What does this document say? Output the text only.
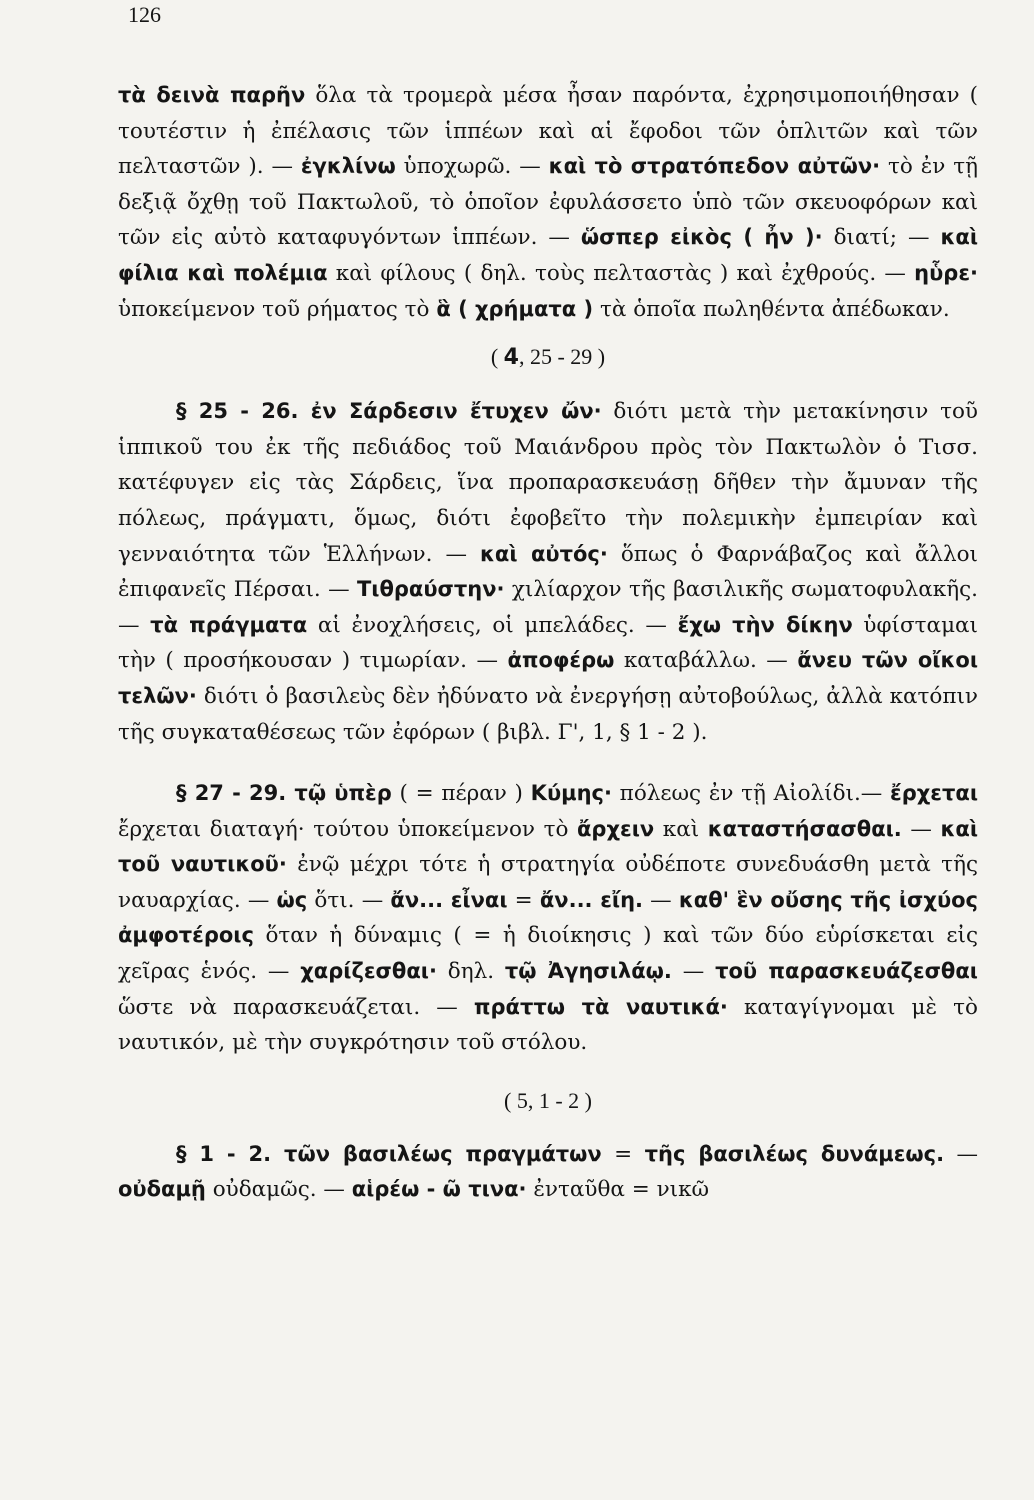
126

τὰ δεινὰ παρῆν ὅλα τὰ τρομερὰ μέσα ἦσαν παρόντα, ἐχρησιμοποιήθησαν ( τουτέστιν ἡ ἐπέλασις τῶν ἱππέων καὶ αἱ ἔφοδοι τῶν ὁπλιτῶν καὶ τῶν πελταστῶν ). — ἐγκλίνω ὑποχωρῶ. — καὶ τὸ στρατόπεδον αὐτῶν· τὸ ἐν τῇ δεξιᾷ ὄχθῃ τοῦ Πακτωλοῦ, τὸ ὁποῖον ἐφυλάσσετο ὑπὸ τῶν σκευοφόρων καὶ τῶν εἰς αὐτὸ καταφυγόντων ἱππέων. — ὥσπερ εἰκὸς ( ἦν )· διατί; — καὶ φίλια καὶ πολέμια καὶ φίλους ( δηλ. τοὺς πελταστὰς ) καὶ ἐχθρούς. — ηὗρε· ὑποκείμενον τοῦ ρήματος τὸ ἃ ( χρήματα ) τὰ ὁποῖα πωληθέντα ἀπέδωκαν.

( 4, 25 - 29 )

§ 25 - 26. ἐν Σάρδεσιν ἔτυχεν ὤν· διότι μετὰ τὴν μετακίνησιν τοῦ ἱππικοῦ του ἐκ τῆς πεδιάδος τοῦ Μαιάνδρου πρὸς τὸν Πακτωλὸν ὁ Τισσ. κατέφυγεν εἰς τὰς Σάρδεις, ἵνα προπαρασκευάσῃ δῆθεν τὴν ἄμυναν τῆς πόλεως, πράγματι, ὅμως, διότι ἐφοβεῖτο τὴν πολεμικὴν ἐμπειρίαν καὶ γενναιότητα τῶν Ἑλλήνων. — καὶ αὐτός· ὅπως ὁ Φαρνάβαζος καὶ ἄλλοι ἐπιφανεῖς Πέρσαι. — Τιθραύστην· χιλίαρχον τῆς βασιλικῆς σωματοφυλακῆς. — τὰ πράγματα αἱ ἐνοχλήσεις, οἱ μπελάδες. — ἔχω τὴν δίκην ὑφίσταμαι τὴν ( προσήκουσαν ) τιμωρίαν. — ἀποφέρω καταβάλλω. — ἄνευ τῶν οἴκοι τελῶν· διότι ὁ βασιλεὺς δὲν ἠδύνατο νὰ ἐνεργήσῃ αὐτοβούλως, ἀλλὰ κατόπιν τῆς συγκαταθέσεως τῶν ἐφόρων ( βιβλ. Γ', 1, § 1 - 2 ).

§ 27 - 29. τῷ ὑπὲρ ( = πέραν ) Κύμης· πόλεως ἐν τῇ Αἰολίδι.— ἔρχεται ἔρχεται διαταγή· τούτου ὑποκείμενον τὸ ἄρχειν καὶ καταστήσασθαι. — καὶ τοῦ ναυτικοῦ· ἐνῷ μέχρι τότε ἡ στρατηγία οὐδέποτε συνεδυάσθη μετὰ τῆς ναυαρχίας. — ὡς ὅτι. — ἄν... εἶναι = ἄν... εἴη. — καθ' ἓν οὔσης τῆς ἰσχύος ἀμφοτέροις ὅταν ἡ δύναμις ( = ἡ διοίκησις ) καὶ τῶν δύο εὑρίσκεται εἰς χεῖρας ἑνός. — χαρίζεσθαι· δηλ. τῷ Ἀγησιλάῳ. — τοῦ παρασκευάζεσθαι ὥστε νὰ παρασκευάζεται. — πράττω τὰ ναυτικά· καταγίγνομαι μὲ τὸ ναυτικόν, μὲ τὴν συγκρότησιν τοῦ στόλου.

( 5, 1 - 2 )

§ 1 - 2. τῶν βασιλέως πραγμάτων = τῆς βασιλέως δυνάμεως. — οὐδαμῇ οὐδαμῶς. — αἱρέω - ῶ τινα· ἐνταῦθα = νικῶ
